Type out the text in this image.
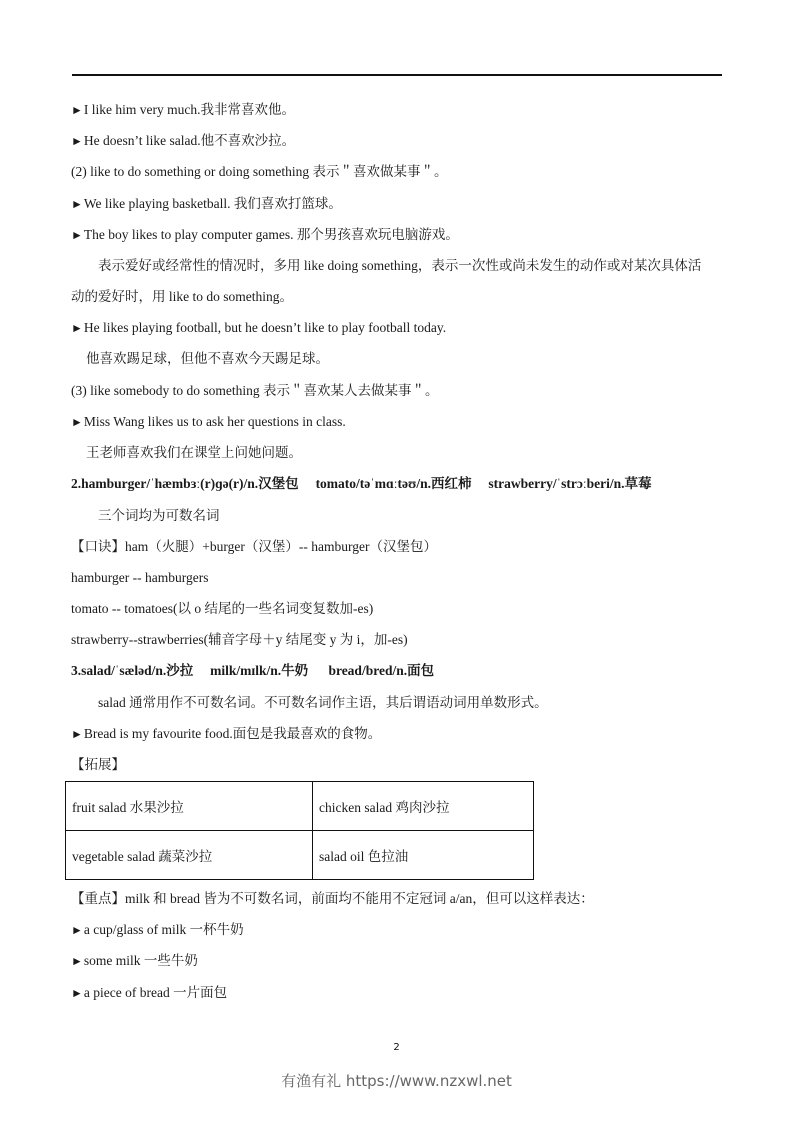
►I like him very much.我非常喜欢他。
►He doesn’t like salad.他不喜欢沙拉。
(2) like to do something or doing something 表示＂喜欢做某事＂。
►We like playing basketball. 我们喜欢打篮球。
►The boy likes to play computer games. 那个男孩喜欢玩电脑游戏。
表示爱好或经常性的情况时，多用 like doing something，表示一次性或尚未发生的动作或对某次具体活
动的爱好时，用 like to do something。
►He likes playing football, but he doesn’t like to play football today.
他喜欢踢足球，但他不喜欢今天踢足球。
(3) like somebody to do something 表示＂喜欢某人去做某事＂。
►Miss Wang likes us to ask her questions in class.
王老师喜欢我们在课堂上问她问题。
2.hamburger/ˈhæmbɜː(r)ɡə(r)/n.汉堡包 tomato/təˈmɑːtəʊ/n.西红柿 strawberry/ˈstrɔːberi/n.草莓
三个词均为可数名词
【口诀】ham（火腿）+burger（汉堡）-- hamburger（汉堡包）
hamburger -- hamburgers
tomato -- tomatoes(以 o 结尾的一些名词变复数加-es)
strawberry--strawberries(辅音字母＋y 结尾变 y 为 i，加-es)
3.salad/ˈsæləd/n.沙拉 milk/mɪlk/n.牛奶 bread/bred/n.面包
salad 通常用作不可数名词。不可数名词作主语，其后谓语动词用单数形式。
►Bread is my favourite food.面包是我最喜欢的食物。
【拓展】
fruit salad 水果沙拉	chicken salad 鸡肉沙拉
vegetable salad 蔬菜沙拉	salad oil 色拉油
【重点】milk 和 bread 皆为不可数名词，前面均不能用不定冠词 a/an，但可以这样表达：
►a cup/glass of milk 一杯牛奶
►some milk 一些牛奶
►a piece of bread 一片面包
2
有渔有礼 https://www.nzxwl.net
